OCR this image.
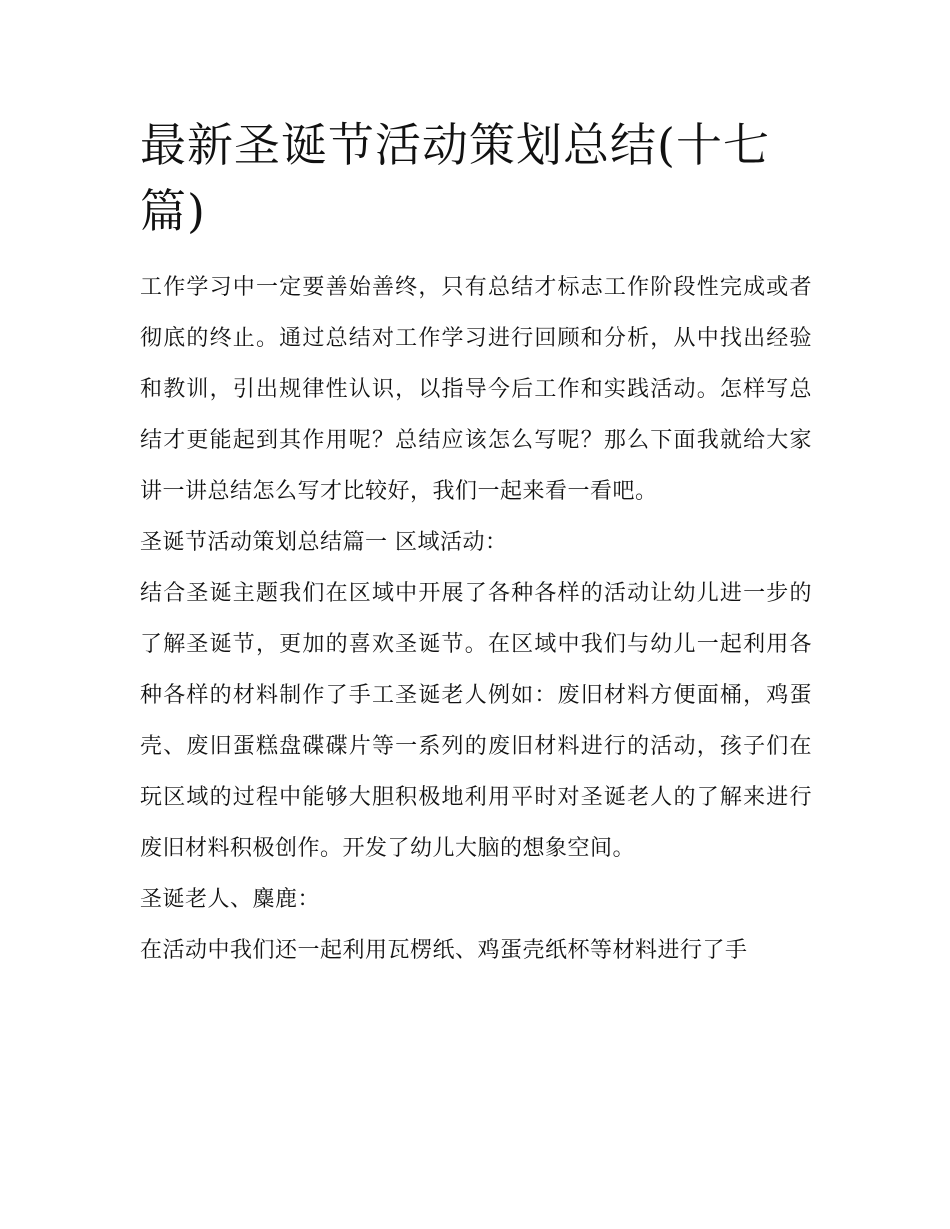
最新圣诞节活动策划总结(十七篇)

工作学习中一定要善始善终，只有总结才标志工作阶段性完成或者彻底的终止。通过总结对工作学习进行回顾和分析，从中找出经验和教训，引出规律性认识，以指导今后工作和实践活动。怎样写总结才更能起到其作用呢？总结应该怎么写呢？那么下面我就给大家讲一讲总结怎么写才比较好，我们一起来看一看吧。

圣诞节活动策划总结篇一 区域活动：

结合圣诞主题我们在区域中开展了各种各样的活动让幼儿进一步的了解圣诞节，更加的喜欢圣诞节。在区域中我们与幼儿一起利用各种各样的材料制作了手工圣诞老人例如：废旧材料方便面桶，鸡蛋壳、废旧蛋糕盘碟碟片等一系列的废旧材料进行的活动，孩子们在玩区域的过程中能够大胆积极地利用平时对圣诞老人的了解来进行废旧材料积极创作。开发了幼儿大脑的想象空间。

圣诞老人、麋鹿：

在活动中我们还一起利用瓦楞纸、鸡蛋壳纸杯等材料进行了手
